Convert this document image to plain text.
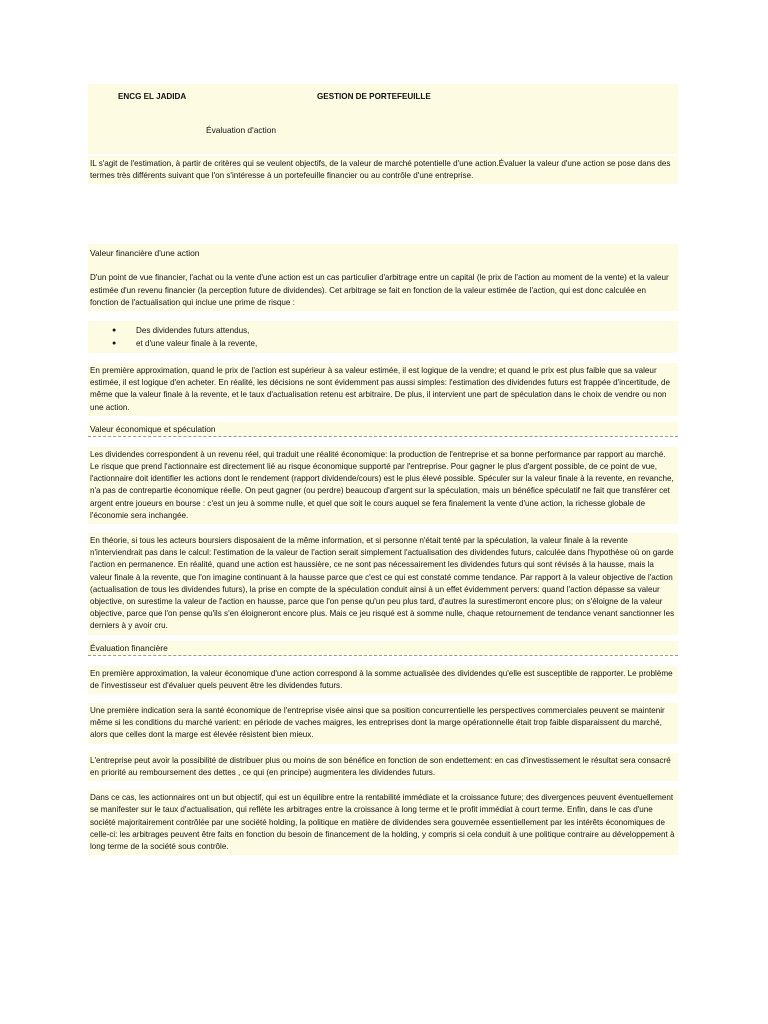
ENCG EL JADIDA	GESTION DE PORTEFEUILLE
Évaluation d'action
IL s'agit de l'estimation, à partir de critères qui se veulent objectifs, de la valeur de marché potentielle d'une action.Évaluer la valeur d'une action se pose dans des termes très différents suivant que l'on s'intéresse à un portefeuille financier ou au contrôle d'une entreprise.
Valeur financière d'une action
D'un point de vue financier, l'achat ou la vente d'une action est un cas particulier d'arbitrage entre un capital (le prix de l'action au moment de la vente) et la valeur estimée d'un revenu financier (la perception future de dividendes). Cet arbitrage se fait en fonction de la valeur estimée de l'action, qui est donc calculée en fonction de l'actualisation qui inclue une prime de risque :
● Des dividendes futurs attendus,
● et d'une valeur finale à la revente,
En première approximation, quand le prix de l'action est supérieur à sa valeur estimée, il est logique de la vendre; et quand le prix est plus faible que sa valeur estimée, il est logique d'en acheter. En réalité, les décisions ne sont évidemment pas aussi simples: l'estimation des dividendes futurs est frappée d'incertitude, de même que la valeur finale à la revente, et le taux d'actualisation retenu est arbitraire. De plus, il intervient une part de spéculation dans le choix de vendre ou non une action.
Valeur économique et spéculation
Les dividendes correspondent à un revenu réel, qui traduit une réalité économique: la production de l'entreprise et sa bonne performance par rapport au marché. Le risque que prend l'actionnaire est directement lié au risque économique supporté par l'entreprise. Pour gagner le plus d'argent possible, de ce point de vue, l'actionnaire doit identifier les actions dont le rendement (rapport dividende/cours) est le plus élevé possible. Spéculer sur la valeur finale à la revente, en revanche, n'a pas de contrepartie économique réelle. On peut gagner (ou perdre) beaucoup d'argent sur la spéculation, mais un bénéfice spéculatif ne fait que transférer cet argent entre joueurs en bourse : c'est un jeu à somme nulle, et quel que soit le cours auquel se fera finalement la vente d'une action, la richesse globale de l'économie sera inchangée.
En théorie, si tous les acteurs boursiers disposaient de la même information, et si personne n'était tenté par la spéculation, la valeur finale à la revente n'interviendrait pas dans le calcul: l'estimation de la valeur de l'action serait simplement l'actualisation des dividendes futurs, calculée dans l'hypothèse où on garde l'action en permanence. En réalité, quand une action est haussière, ce ne sont pas nécessairement les dividendes futurs qui sont révisés à la hausse, mais la valeur finale à la revente, que l'on imagine continuant à la hausse parce que c'est ce qui est constaté comme tendance. Par rapport à la valeur objective de l'action (actualisation de tous les dividendes futurs), la prise en compte de la spéculation conduit ainsi à un effet évidemment pervers: quand l'action dépasse sa valeur objective, on surestime la valeur de l'action en hausse, parce que l'on pense qu'un peu plus tard, d'autres la surestimeront encore plus; on s'éloigne de la valeur objective, parce que l'on pense qu'ils s'en éloigneront encore plus. Mais ce jeu risqué est à somme nulle, chaque retournement de tendance venant sanctionner les derniers à y avoir cru.
Évaluation financière
En première approximation, la valeur économique d'une action correspond à la somme actualisée des dividendes qu'elle est susceptible de rapporter. Le problème de l'investisseur est d'évaluer quels peuvent être les dividendes futurs.
Une première indication sera la santé économique de l'entreprise visée ainsi que sa position concurrentielle les perspectives commerciales peuvent se maintenir même si les conditions du marché varient: en période de vaches maigres, les entreprises dont la marge opérationnelle était trop faible disparaissent du marché, alors que celles dont la marge est élevée résistent bien mieux.
L'entreprise peut avoir la possibilité de distribuer plus ou moins de son bénéfice en fonction de son endettement: en cas d'investissement le résultat sera consacré en priorité au remboursement des dettes , ce qui (en principe) augmentera les dividendes futurs.
Dans ce cas, les actionnaires ont un but objectif, qui est un équilibre entre la rentabilité immédiate et la croissance future; des divergences peuvent éventuellement se manifester sur le taux d'actualisation, qui reflète les arbitrages entre la croissance à long terme et le profit immédiat à court terme. Enfin, dans le cas d'une société majoritairement contrôlée par une société holding, la politique en matière de dividendes sera gouvernée essentiellement par les intérêts économiques de celle-ci: les arbitrages peuvent être faits en fonction du besoin de financement de la holding, y compris si cela conduit à une politique contraire au développement à long terme de la société sous contrôle.
